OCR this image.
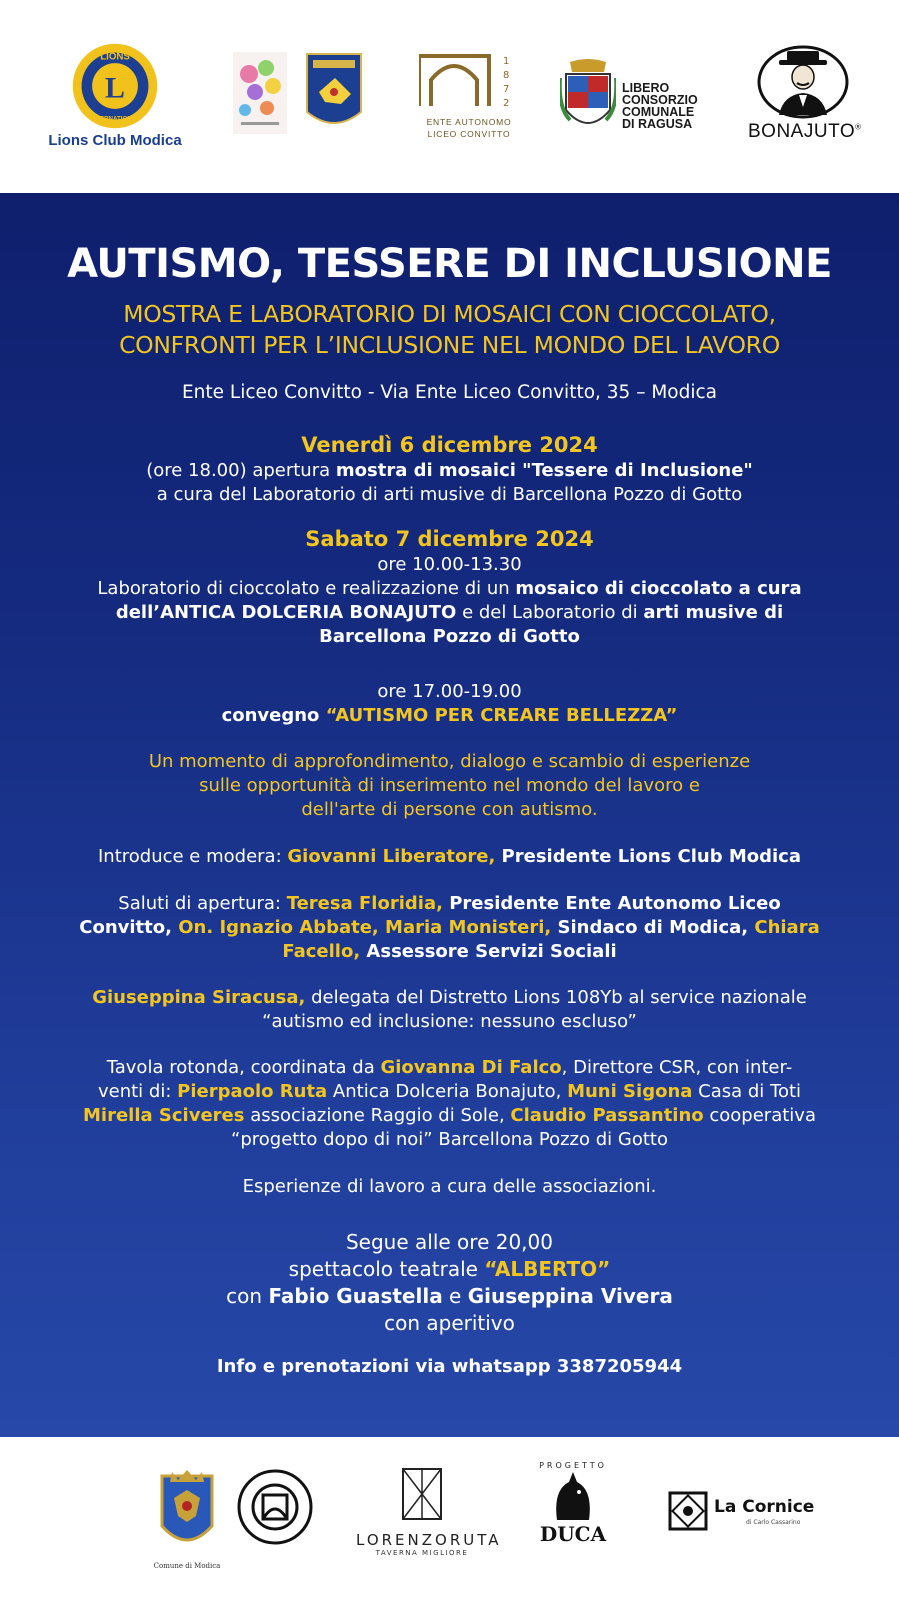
L
LIONS
INTERNATIONAL
Lions Club Modica
1
8
7
2
ENTE AUTONOMO
LICEO CONVITTO
LIBERO
CONSORZIO
COMUNALE
DI RAGUSA	BONAJUTO®
AUTISMO, TESSERE DI INCLUSIONE
MOSTRA E LABORATORIO DI MOSAICI CON CIOCCOLATO,
CONFRONTI PER L’INCLUSIONE NEL MONDO DEL LAVORO
Ente Liceo Convitto - Via Ente Liceo Convitto, 35 – Modica
Venerdì 6 dicembre 2024
(ore 18.00) apertura mostra di mosaici "Tessere di Inclusione"
a cura del Laboratorio di arti musive di Barcellona Pozzo di Gotto
Sabato 7 dicembre 2024
ore 10.00-13.30
Laboratorio di cioccolato e realizzazione di un mosaico di cioccolato a cura
dell’ANTICA DOLCERIA BONAJUTO e del Laboratorio di arti musive di
Barcellona Pozzo di Gotto
ore 17.00-19.00
convegno “AUTISMO PER CREARE BELLEZZA”
Un momento di approfondimento, dialogo e scambio di esperienze
sulle opportunità di inserimento nel mondo del lavoro e
dell'arte di persone con autismo.
Introduce e modera: Giovanni Liberatore, Presidente Lions Club Modica
Saluti di apertura: Teresa Floridia, Presidente Ente Autonomo Liceo
Convitto, On. Ignazio Abbate, Maria Monisteri, Sindaco di Modica, Chiara
Facello, Assessore Servizi Sociali
Giuseppina Siracusa, delegata del Distretto Lions 108Yb al service nazionale
“autismo ed inclusione: nessuno escluso”
Tavola rotonda, coordinata da Giovanna Di Falco, Direttore CSR, con inter-
venti di: Pierpaolo Ruta Antica Dolceria Bonajuto, Muni Sigona Casa di Toti
Mirella Sciveres associazione Raggio di Sole, Claudio Passantino cooperativa
“progetto dopo di noi” Barcellona Pozzo di Gotto
Esperienze di lavoro a cura delle associazioni.
Segue alle ore 20,00
spettacolo teatrale “ALBERTO”
con Fabio Guastella e Giuseppina Vivera
con aperitivo
Info e prenotazioni via whatsapp 3387205944
Comune di Modica
LORENZORUTA
TAVERNA MIGLIORE
PROGETTO
DUCA
La Cornice
di Carlo Cassarino
